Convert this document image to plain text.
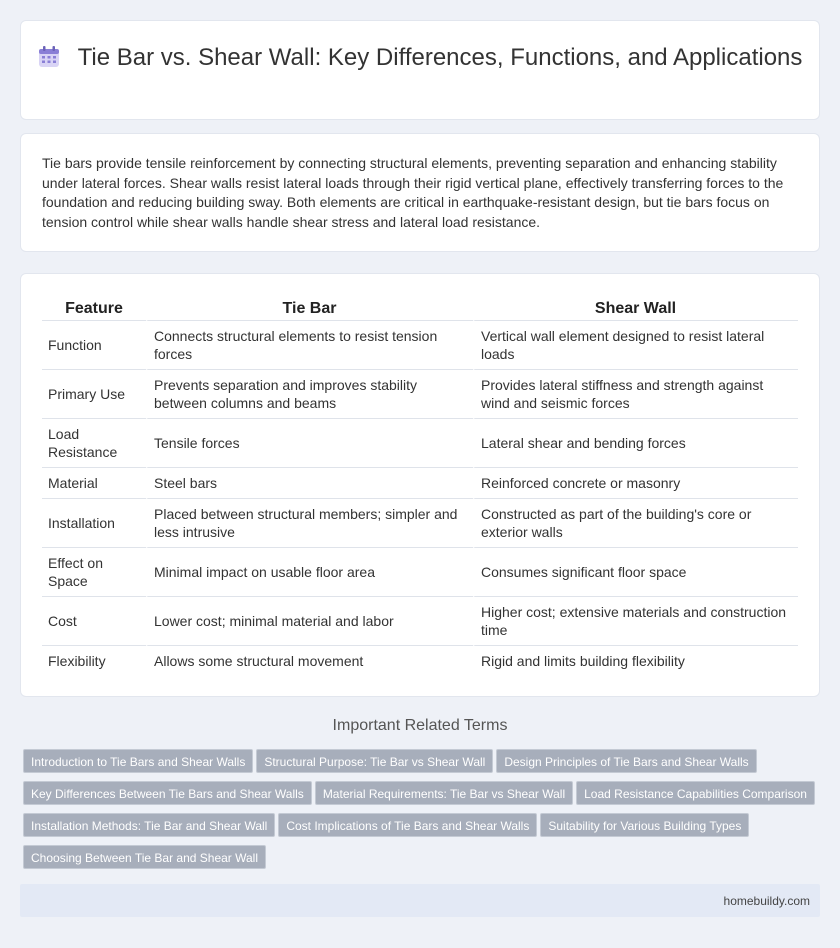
Tie Bar vs. Shear Wall: Key Differences, Functions, and Applications

Tie bars provide tensile reinforcement by connecting structural elements, preventing separation and enhancing stability under lateral forces. Shear walls resist lateral loads through their rigid vertical plane, effectively transferring forces to the foundation and reducing building sway. Both elements are critical in earthquake-resistant design, but tie bars focus on tension control while shear walls handle shear stress and lateral load resistance.

Feature	Tie Bar	Shear Wall
Function	Connects structural elements to resist tension forces	Vertical wall element designed to resist lateral loads
Primary Use	Prevents separation and improves stability between columns and beams	Provides lateral stiffness and strength against wind and seismic forces
Load Resistance	Tensile forces	Lateral shear and bending forces
Material	Steel bars	Reinforced concrete or masonry
Installation	Placed between structural members; simpler and less intrusive	Constructed as part of the building's core or exterior walls
Effect on Space	Minimal impact on usable floor area	Consumes significant floor space
Cost	Lower cost; minimal material and labor	Higher cost; extensive materials and construction time
Flexibility	Allows some structural movement	Rigid and limits building flexibility
Important Related Terms
Introduction to Tie Bars and Shear Walls Structural Purpose: Tie Bar vs Shear Wall Design Principles of Tie Bars and Shear Walls
Key Differences Between Tie Bars and Shear Walls Material Requirements: Tie Bar vs Shear Wall Load Resistance Capabilities Comparison
Installation Methods: Tie Bar and Shear Wall Cost Implications of Tie Bars and Shear Walls Suitability for Various Building Types
Choosing Between Tie Bar and Shear Wall
homebuildy.com
